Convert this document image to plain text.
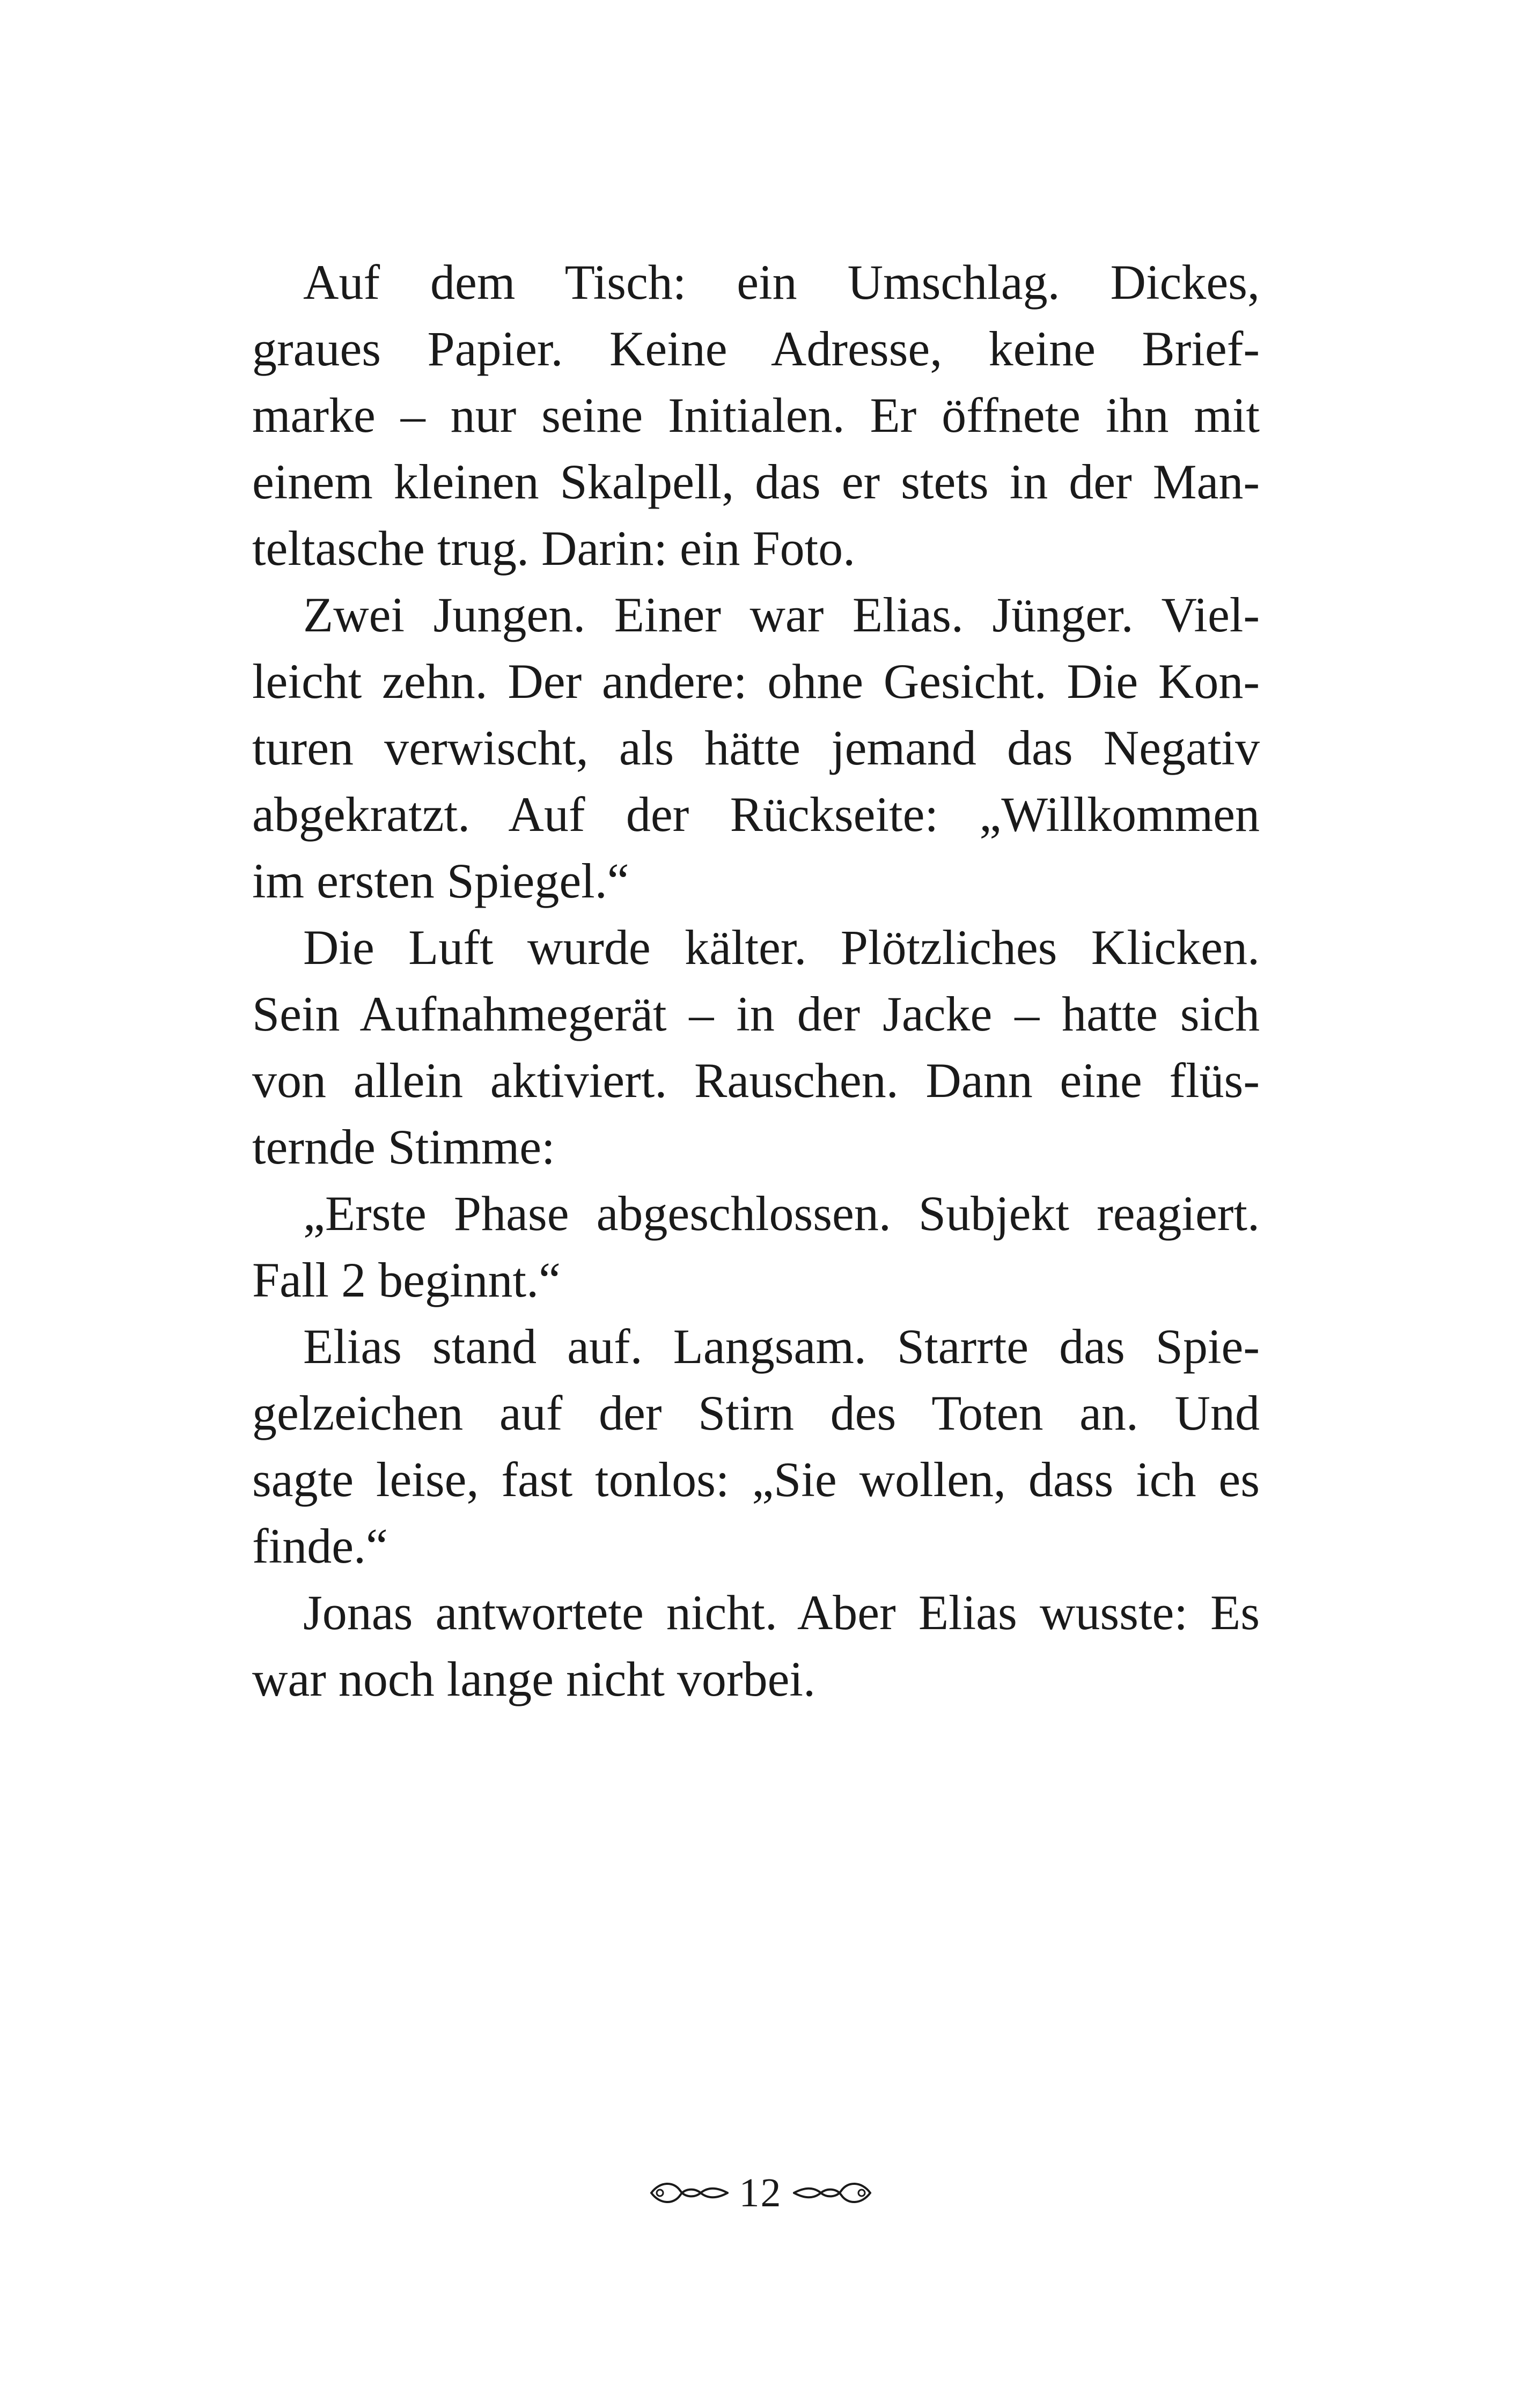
Auf dem Tisch: ein Umschlag. Dickes,
graues Papier. Keine Adresse, keine Brief-
marke – nur seine Initialen. Er öffnete ihn mit
einem kleinen Skalpell, das er stets in der Man-
teltasche trug. Darin: ein Foto.

Zwei Jungen. Einer war Elias. Jünger. Viel-
leicht zehn. Der andere: ohne Gesicht. Die Kon-
turen verwischt, als hätte jemand das Negativ
abgekratzt. Auf der Rückseite: „Willkommen
im ersten Spiegel.“

Die Luft wurde kälter. Plötzliches Klicken.
Sein Aufnahmegerät – in der Jacke – hatte sich
von allein aktiviert. Rauschen. Dann eine flüs-
ternde Stimme:

„Erste Phase abgeschlossen. Subjekt reagiert.
Fall 2 beginnt.“

Elias stand auf. Langsam. Starrte das Spie-
gelzeichen auf der Stirn des Toten an. Und
sagte leise, fast tonlos: „Sie wollen, dass ich es
finde.“

Jonas antwortete nicht. Aber Elias wusste: Es
war noch lange nicht vorbei.

12
